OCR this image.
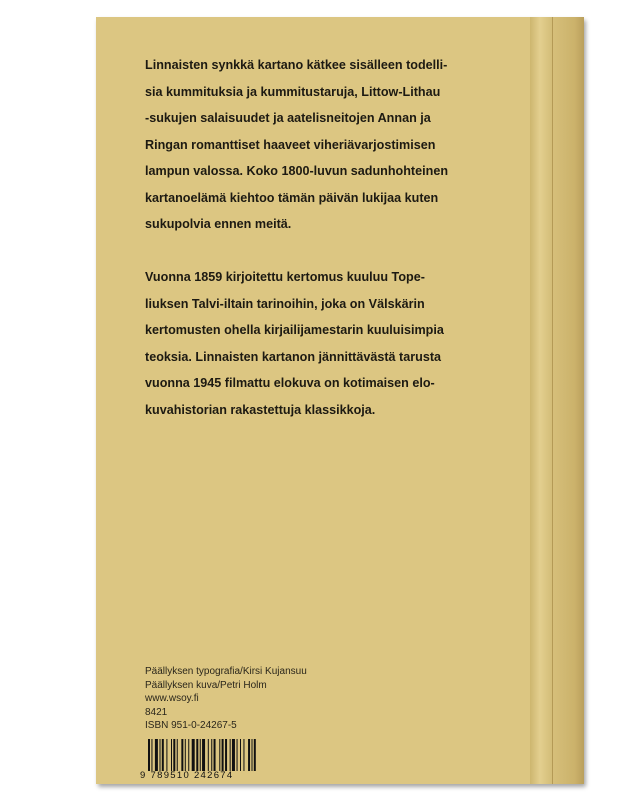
Linnaisten synkkä kartano kätkee sisälleen todelli-
sia kummituksia ja kummitustaruja, Littow-Lithau
-sukujen salaisuudet ja aatelisneitojen Annan ja
Ringan romanttiset haaveet viheriävarjostimisen
lampun valossa. Koko 1800-luvun sadunhohteinen
kartanoelämä kiehtoo tämän päivän lukijaa kuten
sukupolvia ennen meitä.
Vuonna 1859 kirjoitettu kertomus kuuluu Tope-
liuksen Talvi-iltain tarinoihin, joka on Välskärin
kertomusten ohella kirjailijamestarin kuuluisimpia
teoksia. Linnaisten kartanon jännittävästä tarusta
vuonna 1945 filmattu elokuva on kotimaisen elo-
kuvahistorian rakastettuja klassikkoja.
Päällyksen typografia/Kirsi Kujansuu
Päällyksen kuva/Petri Holm
www.wsoy.fi
8421
ISBN 951-0-24267-5
9 789510 242674
